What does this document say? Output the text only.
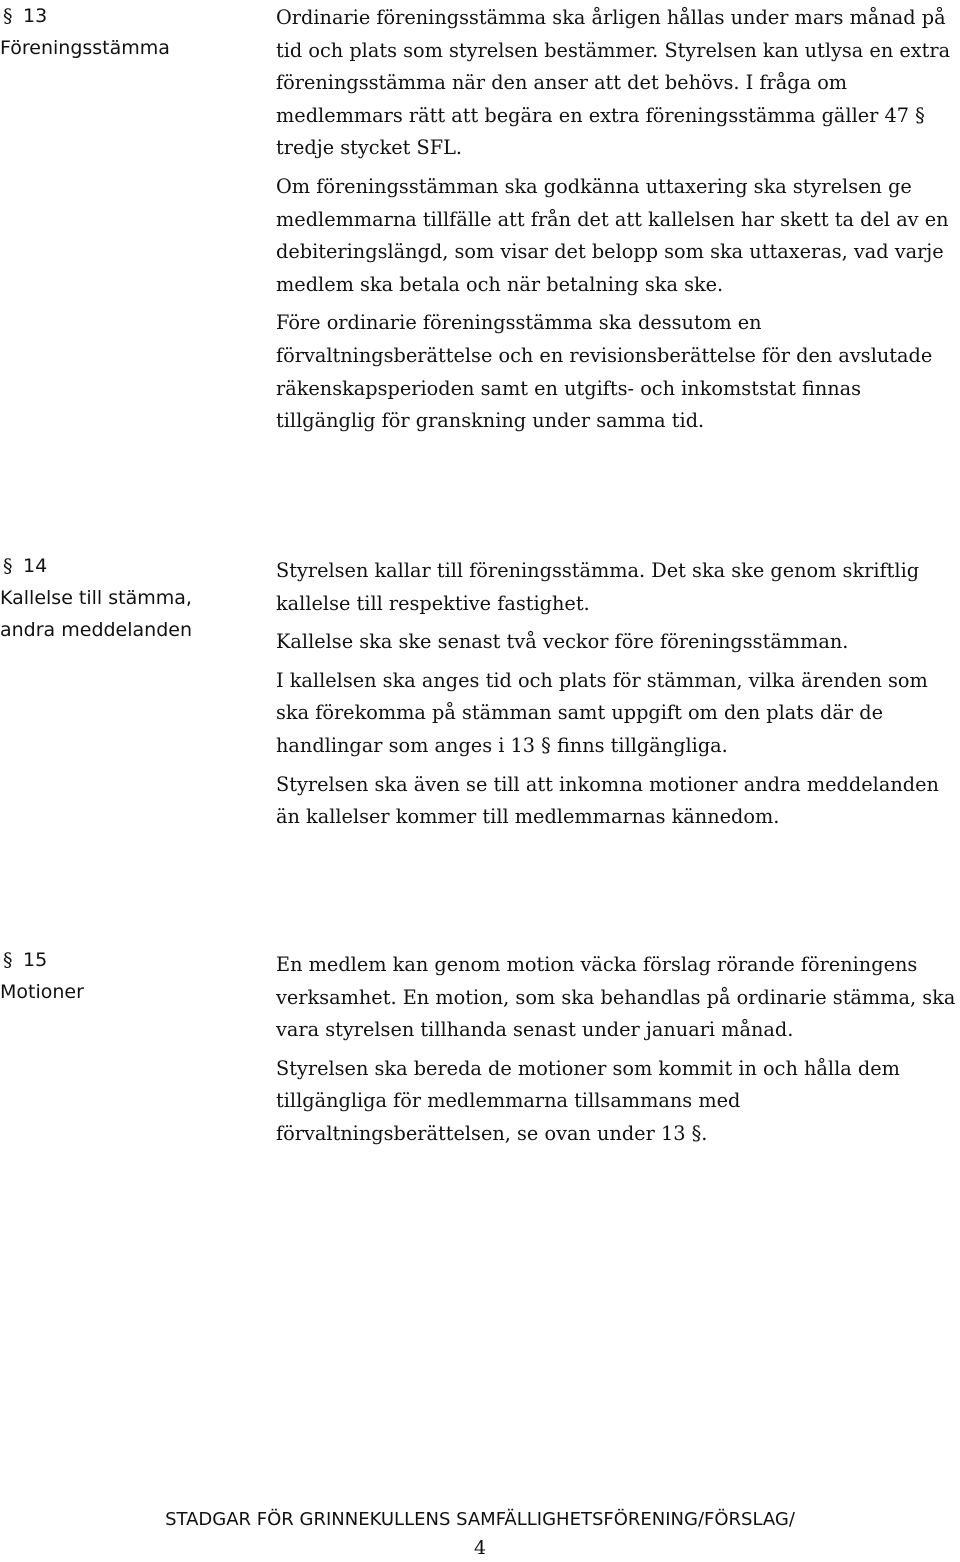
§ 13
Föreningsstämma

Ordinarie föreningsstämma ska årligen hållas under mars månad på tid och plats som styrelsen bestämmer. Styrelsen kan utlysa en extra föreningsstämma när den anser att det behövs. I fråga om medlemmars rätt att begära en extra föreningsstämma gäller 47 § tredje stycket SFL.

Om föreningsstämman ska godkänna uttaxering ska styrelsen ge medlemmarna tillfälle att från det att kallelsen har skett ta del av en debiteringslängd, som visar det belopp som ska uttaxeras, vad varje medlem ska betala och när betalning ska ske.

Före ordinarie föreningsstämma ska dessutom en förvaltningsberättelse och en revisionsberättelse för den avslutade räkenskapsperioden samt en utgifts- och inkomststat finnas tillgänglig för granskning under samma tid.

§ 14
Kallelse till stämma, andra meddelanden

Styrelsen kallar till föreningsstämma. Det ska ske genom skriftlig kallelse till respektive fastighet.

Kallelse ska ske senast två veckor före föreningsstämman.

I kallelsen ska anges tid och plats för stämman, vilka ärenden som ska förekomma på stämman samt uppgift om den plats där de handlingar som anges i 13 § finns tillgängliga.

Styrelsen ska även se till att inkomna motioner andra meddelanden än kallelser kommer till medlemmarnas kännedom.

§ 15
Motioner

En medlem kan genom motion väcka förslag rörande föreningens verksamhet. En motion, som ska behandlas på ordinarie stämma, ska vara styrelsen tillhanda senast under januari månad.

Styrelsen ska bereda de motioner som kommit in och hålla dem tillgängliga för medlemmarna tillsammans med förvaltningsberättelsen, se ovan under 13 §.

STADGAR FÖR GRINNEKULLENS SAMFÄLLIGHETSFÖRENING/FÖRSLAG/
4
